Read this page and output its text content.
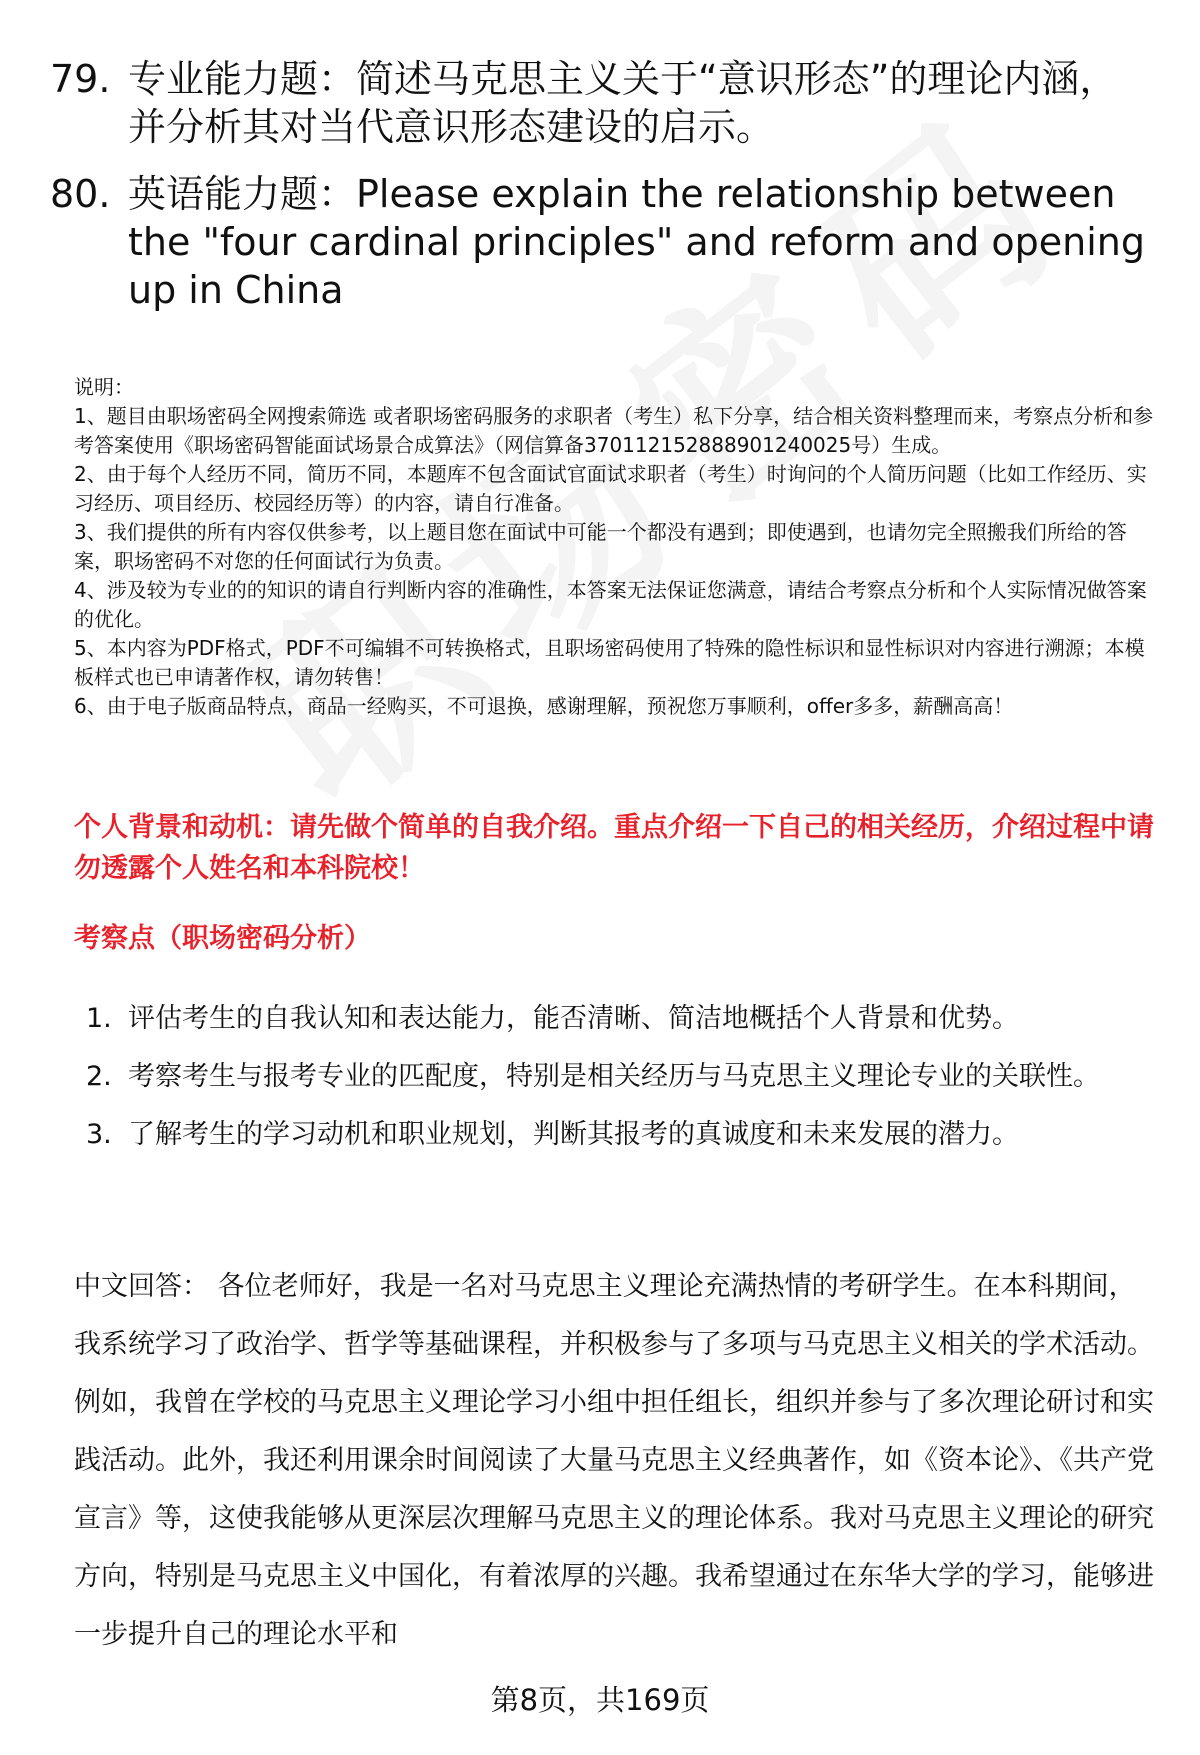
79. 专业能力题：简述马克思主义关于“意识形态”的理论内涵，并分析其对当代意识形态建设的启示。
80. 英语能力题：Please explain the relationship between the "four cardinal principles" and reform and opening up in China
说明：
1、题目由职场密码全网搜索筛选 或者职场密码服务的求职者（考生）私下分享，结合相关资料整理而来，考察点分析和参考答案使用《职场密码智能面试场景合成算法》（网信算备370112152888901240025号）生成。
2、由于每个人经历不同，简历不同，本题库不包含面试官面试求职者（考生）时询问的个人简历问题（比如工作经历、实习经历、项目经历、校园经历等）的内容，请自行准备。
3、我们提供的所有内容仅供参考，以上题目您在面试中可能一个都没有遇到；即使遇到，也请勿完全照搬我们所给的答案，职场密码不对您的任何面试行为负责。
4、涉及较为专业的的知识的请自行判断内容的准确性，本答案无法保证您满意，请结合考察点分析和个人实际情况做答案的优化。
5、本内容为PDF格式，PDF不可编辑不可转换格式，且职场密码使用了特殊的隐性标识和显性标识对内容进行溯源；本模板样式也已申请著作权，请勿转售！
6、由于电子版商品特点，商品一经购买，不可退换，感谢理解，预祝您万事顺利，offer多多，薪酬高高！
个人背景和动机：请先做个简单的自我介绍。重点介绍一下自己的相关经历，介绍过程中请勿透露个人姓名和本科院校！
考察点（职场密码分析）
1. 评估考生的自我认知和表达能力，能否清晰、简洁地概括个人背景和优势。
2. 考察考生与报考专业的匹配度，特别是相关经历与马克思主义理论专业的关联性。
3. 了解考生的学习动机和职业规划，判断其报考的真诚度和未来发展的潜力。
中文回答： 各位老师好，我是一名对马克思主义理论充满热情的考研学生。在本科期间，我系统学习了政治学、哲学等基础课程，并积极参与了多项与马克思主义相关的学术活动。例如，我曾在学校的马克思主义理论学习小组中担任组长，组织并参与了多次理论研讨和实践活动。此外，我还利用课余时间阅读了大量马克思主义经典著作，如《资本论》、《共产党宣言》等，这使我能够从更深层次理解马克思主义的理论体系。我对马克思主义理论的研究方向，特别是马克思主义中国化，有着浓厚的兴趣。我希望通过在东华大学的学习，能够进一步提升自己的理论水平和
第8页，共169页
